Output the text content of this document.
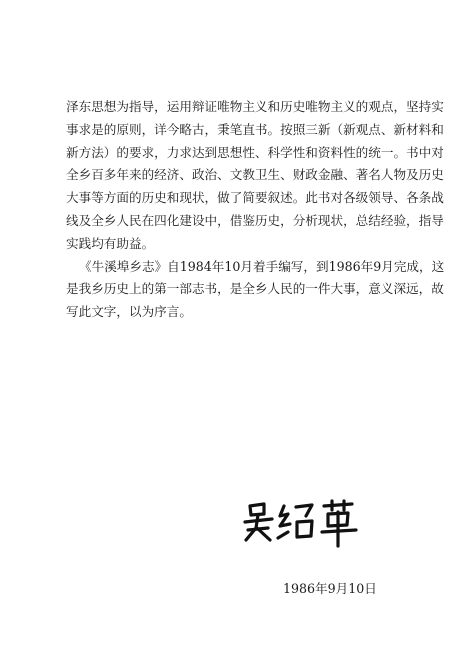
泽东思想为指导，运用辩证唯物主义和历史唯物主义的观点，坚持实
事求是的原则，详今略古，秉笔直书。按照三新（新观点、新材料和
新方法）的要求，力求达到思想性、科学性和资料性的统一。书中对
全乡百多年来的经济、政治、文教卫生、财政金融、著名人物及历史
大事等方面的历史和现状，做了简要叙述。此书对各级领导、各条战
线及全乡人民在四化建设中，借鉴历史，分析现状，总结经验，指导
实践均有助益。
《牛溪埠乡志》自1984年10月着手编写，到1986年9月完成，这
是我乡历史上的第一部志书，是全乡人民的一件大事，意义深远，故
写此文字，以为序言。
1986年9月10日
